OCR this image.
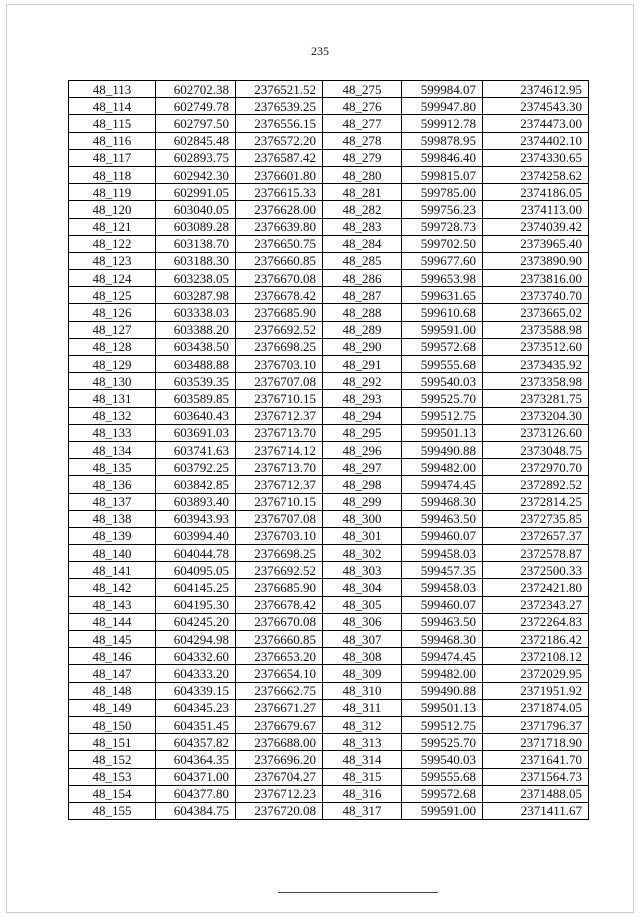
235
48_113	602702.38	2376521.52	48_275	599984.07	2374612.95
48_114	602749.78	2376539.25	48_276	599947.80	2374543.30
48_115	602797.50	2376556.15	48_277	599912.78	2374473.00
48_116	602845.48	2376572.20	48_278	599878.95	2374402.10
48_117	602893.75	2376587.42	48_279	599846.40	2374330.65
48_118	602942.30	2376601.80	48_280	599815.07	2374258.62
48_119	602991.05	2376615.33	48_281	599785.00	2374186.05
48_120	603040.05	2376628.00	48_282	599756.23	2374113.00
48_121	603089.28	2376639.80	48_283	599728.73	2374039.42
48_122	603138.70	2376650.75	48_284	599702.50	2373965.40
48_123	603188.30	2376660.85	48_285	599677.60	2373890.90
48_124	603238.05	2376670.08	48_286	599653.98	2373816.00
48_125	603287.98	2376678.42	48_287	599631.65	2373740.70
48_126	603338.03	2376685.90	48_288	599610.68	2373665.02
48_127	603388.20	2376692.52	48_289	599591.00	2373588.98
48_128	603438.50	2376698.25	48_290	599572.68	2373512.60
48_129	603488.88	2376703.10	48_291	599555.68	2373435.92
48_130	603539.35	2376707.08	48_292	599540.03	2373358.98
48_131	603589.85	2376710.15	48_293	599525.70	2373281.75
48_132	603640.43	2376712.37	48_294	599512.75	2373204.30
48_133	603691.03	2376713.70	48_295	599501.13	2373126.60
48_134	603741.63	2376714.12	48_296	599490.88	2373048.75
48_135	603792.25	2376713.70	48_297	599482.00	2372970.70
48_136	603842.85	2376712.37	48_298	599474.45	2372892.52
48_137	603893.40	2376710.15	48_299	599468.30	2372814.25
48_138	603943.93	2376707.08	48_300	599463.50	2372735.85
48_139	603994.40	2376703.10	48_301	599460.07	2372657.37
48_140	604044.78	2376698.25	48_302	599458.03	2372578.87
48_141	604095.05	2376692.52	48_303	599457.35	2372500.33
48_142	604145.25	2376685.90	48_304	599458.03	2372421.80
48_143	604195.30	2376678.42	48_305	599460.07	2372343.27
48_144	604245.20	2376670.08	48_306	599463.50	2372264.83
48_145	604294.98	2376660.85	48_307	599468.30	2372186.42
48_146	604332.60	2376653.20	48_308	599474.45	2372108.12
48_147	604333.20	2376654.10	48_309	599482.00	2372029.95
48_148	604339.15	2376662.75	48_310	599490.88	2371951.92
48_149	604345.23	2376671.27	48_311	599501.13	2371874.05
48_150	604351.45	2376679.67	48_312	599512.75	2371796.37
48_151	604357.82	2376688.00	48_313	599525.70	2371718.90
48_152	604364.35	2376696.20	48_314	599540.03	2371641.70
48_153	604371.00	2376704.27	48_315	599555.68	2371564.73
48_154	604377.80	2376712.23	48_316	599572.68	2371488.05
48_155	604384.75	2376720.08	48_317	599591.00	2371411.67
